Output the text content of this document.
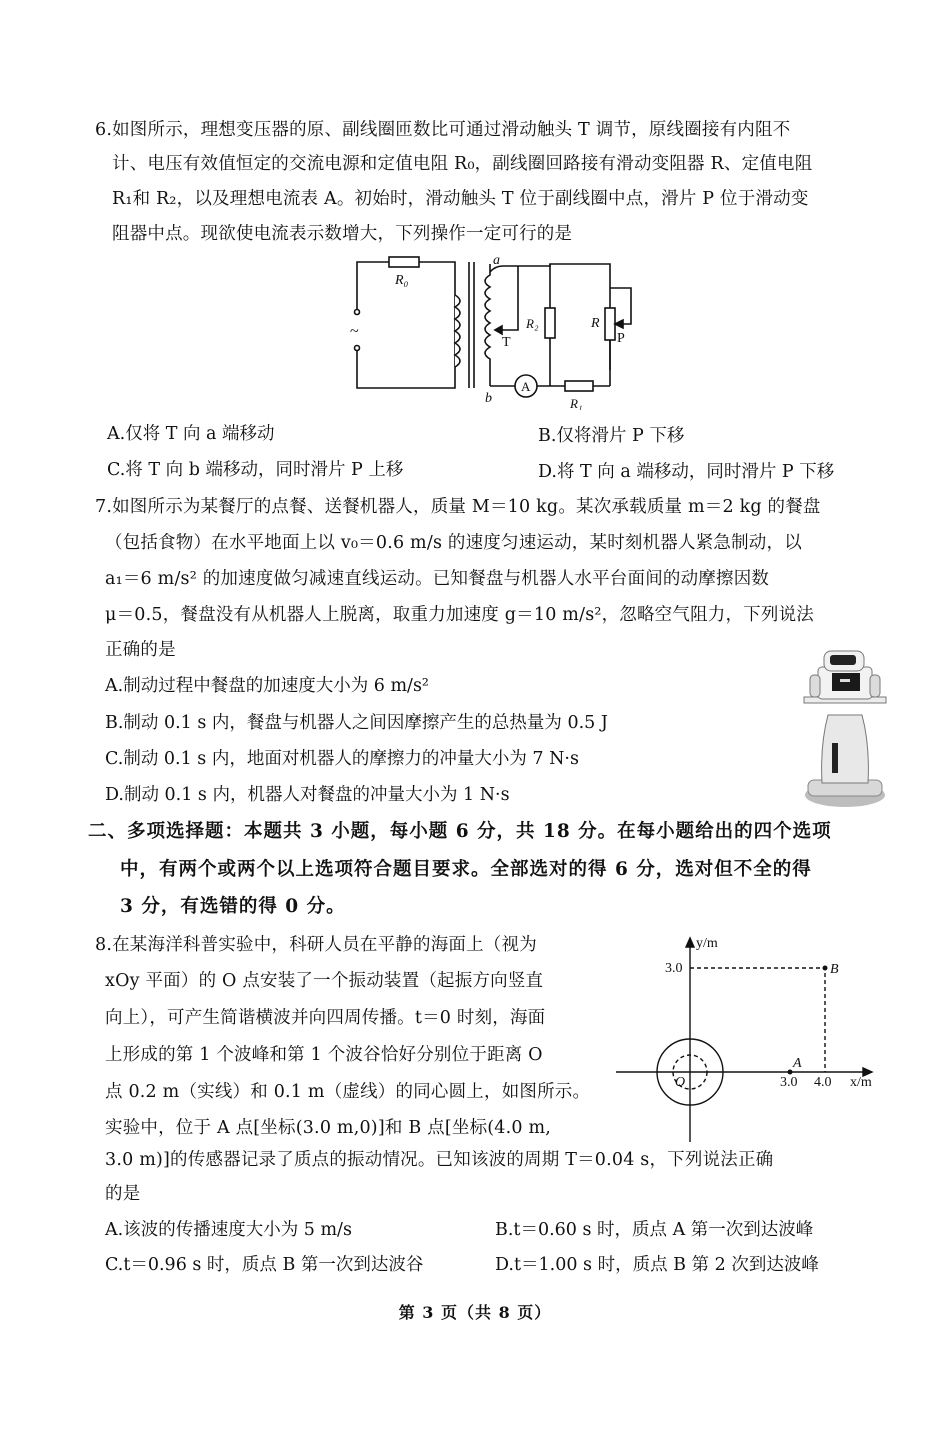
6.如图所示，理想变压器的原、副线圈匝数比可通过滑动触头 T 调节，原线圈接有内阻不
计、电压有效值恒定的交流电源和定值电阻 R₀，副线圈回路接有滑动变阻器 R、定值电阻
R₁和 R₂，以及理想电流表 A。初始时，滑动触头 T 位于副线圈中点，滑片 P 位于滑动变
阻器中点。现欲使电流表示数增大，下列操作一定可行的是
R₀
~
a
b
T
R₂	R
P
A
R₁
A.仅将 T 向 a 端移动	B.仅将滑片 P 下移
C.将 T 向 b 端移动，同时滑片 P 上移	D.将 T 向 a 端移动，同时滑片 P 下移
7.如图所示为某餐厅的点餐、送餐机器人，质量 M＝10 kg。某次承载质量 m＝2 kg 的餐盘
（包括食物）在水平地面上以 v₀＝0.6 m/s 的速度匀速运动，某时刻机器人紧急制动，以
a₁＝6 m/s² 的加速度做匀减速直线运动。已知餐盘与机器人水平台面间的动摩擦因数
μ＝0.5，餐盘没有从机器人上脱离，取重力加速度 g＝10 m/s²，忽略空气阻力，下列说法
正确的是
A.制动过程中餐盘的加速度大小为 6 m/s²
B.制动 0.1 s 内，餐盘与机器人之间因摩擦产生的总热量为 0.5 J
C.制动 0.1 s 内，地面对机器人的摩擦力的冲量大小为 7 N·s
D.制动 0.1 s 内，机器人对餐盘的冲量大小为 1 N·s
二、多项选择题：本题共 3 小题，每小题 6 分，共 18 分。在每小题给出的四个选项
中，有两个或两个以上选项符合题目要求。全部选对的得 6 分，选对但不全的得
3 分，有选错的得 0 分。
8.在某海洋科普实验中，科研人员在平静的海面上（视为
xOy 平面）的 O 点安装了一个振动装置（起振方向竖直
向上），可产生简谐横波并向四周传播。t＝0 时刻，海面
上形成的第 1 个波峰和第 1 个波谷恰好分别位于距离 O
点 0.2 m（实线）和 0.1 m（虚线）的同心圆上，如图所示。
实验中，位于 A 点[坐标(3.0 m,0)]和 B 点[坐标(4.0 m,
3.0 m)]的传感器记录了质点的振动情况。已知该波的周期 T＝0.04 s，下列说法正确
的是
y/m
x/m
3.0	B
A
3.0 4.0
O
A.该波的传播速度大小为 5 m/s	B.t＝0.60 s 时，质点 A 第一次到达波峰
C.t＝0.96 s 时，质点 B 第一次到达波谷	D.t＝1.00 s 时，质点 B 第 2 次到达波峰
第 3 页（共 8 页）
